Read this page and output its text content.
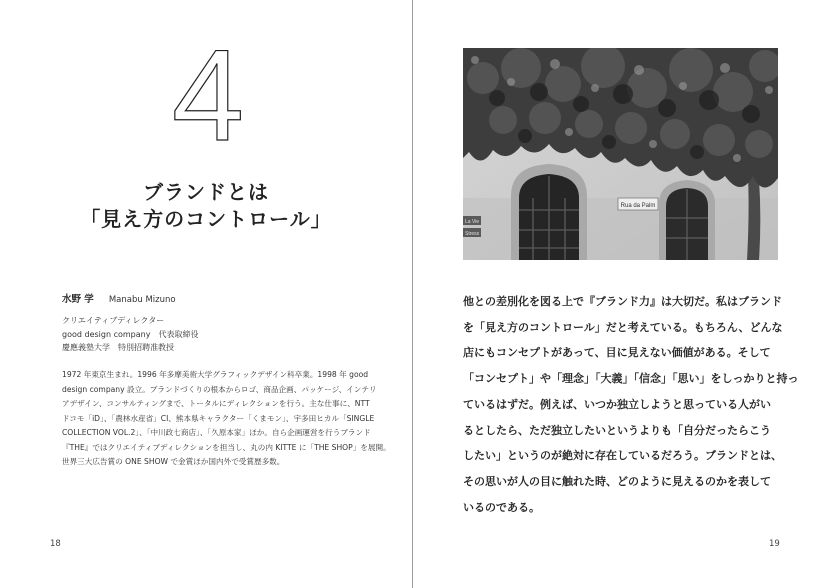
4
ブランドとは
「見え方のコントロール」
水野 学 Manabu Mizuno
クリエイティブディレクター
good design company　代表取締役
慶應義塾大学　特別招聘准教授
1972 年東京生まれ。1996 年多摩美術大学グラフィックデザイン科卒業。1998 年 good
design company 設立。ブランドづくりの根本からロゴ、商品企画、パッケージ、インテリ
アデザイン、コンサルティングまで、トータルにディレクションを行う。主な仕事に、NTT
ドコモ「iD」、「農林水産省」CI、熊本県キャラクター「くまモン」、宇多田ヒカル「SINGLE
COLLECTION VOL.2」、「中川政七商店」、「久原本家」ほか。自ら企画運営を行うブランド
『THE』ではクリエイティブディレクションを担当し、丸の内 KITTE に「THE SHOP」を展開。
世界三大広告賞の ONE SHOW で金賞ほか国内外で受賞歴多数。
18
Rua da Palm
La Vie
Stress
他との差別化を図る上で『ブランド力』は大切だ。私はブランド
を「見え方のコントロール」だと考えている。もちろん、どんな
店にもコンセプトがあって、目に見えない価値がある。そして
「コンセプト」や「理念」「大義」「信念」「思い」をしっかりと持っ
ているはずだ。例えば、いつか独立しようと思っている人がい
るとしたら、ただ独立したいというよりも「自分だったらこう
したい」というのが絶対に存在しているだろう。ブランドとは、
その思いが人の目に触れた時、どのように見えるのかを表して
いるのである。
19
